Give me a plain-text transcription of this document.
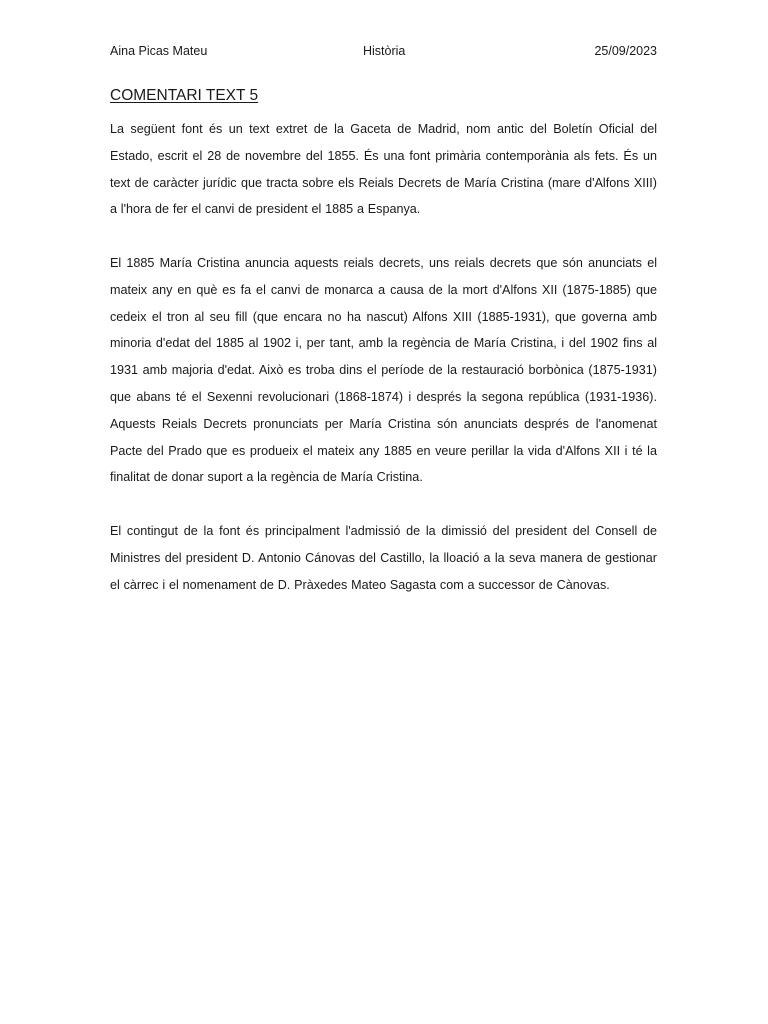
Aina Picas Mateu	Història	25/09/2023
COMENTARI TEXT 5

La següent font és un text extret de la Gaceta de Madrid, nom antic del Boletín Oficial del Estado, escrit el 28 de novembre del 1855. És una font primària contemporània als fets. És un text de caràcter jurídic que tracta sobre els Reials Decrets de María Cristina (mare d'Alfons XIII) a l'hora de fer el canvi de president el 1885 a Espanya.

El 1885 María Cristina anuncia aquests reials decrets, uns reials decrets que són anunciats el mateix any en què es fa el canvi de monarca a causa de la mort d'Alfons XII (1875-1885) que cedeix el tron al seu fill (que encara no ha nascut) Alfons XIII (1885-1931), que governa amb minoria d'edat del 1885 al 1902 i, per tant, amb la regència de María Cristina, i del 1902 fins al 1931 amb majoria d'edat. Això es troba dins el període de la restauració borbònica (1875-1931) que abans té el Sexenni revolucionari (1868-1874) i després la segona república (1931-1936). Aquests Reials Decrets pronunciats per María Cristina són anunciats després de l'anomenat Pacte del Prado que es produeix el mateix any 1885 en veure perillar la vida d'Alfons XII i té la finalitat de donar suport a la regència de María Cristina.

El contingut de la font és principalment l'admissió de la dimissió del president del Consell de Ministres del president D. Antonio Cánovas del Castillo, la lloació a la seva manera de gestionar el càrrec i el nomenament de D. Pràxedes Mateo Sagasta com a successor de Cànovas.
